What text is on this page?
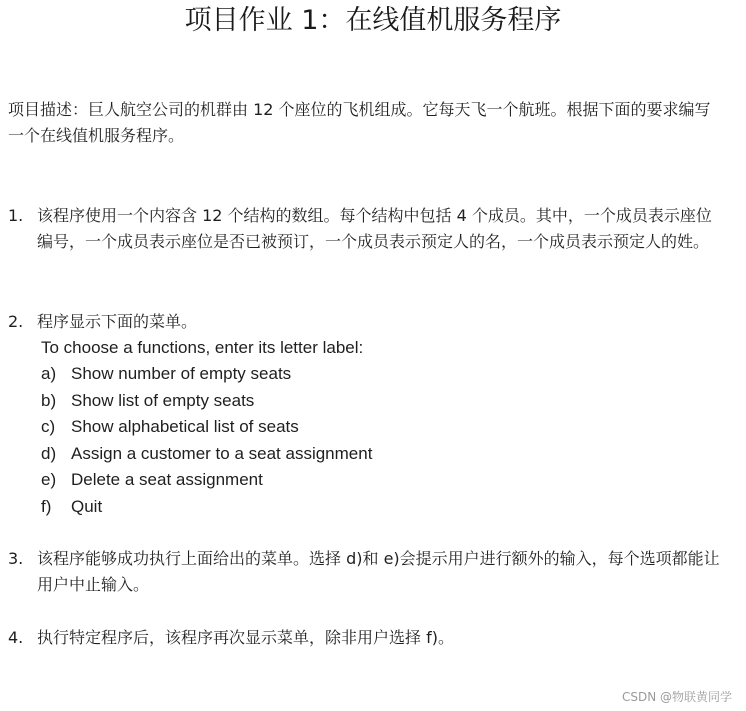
项目作业 1：在线值机服务程序
项目描述：巨人航空公司的机群由 12 个座位的飞机组成。它每天飞一个航班。根据下面的要求编写一个在线值机服务程序。
1. 该程序使用一个内容含 12 个结构的数组。每个结构中包括 4 个成员。其中，一个成员表示座位编号，一个成员表示座位是否已被预订，一个成员表示预定人的名，一个成员表示预定人的姓。
2. 程序显示下面的菜单。
To choose a functions, enter its letter label:
a) Show number of empty seats
b) Show list of empty seats
c) Show alphabetical list of seats
d) Assign a customer to a seat assignment
e) Delete a seat assignment
f) Quit
3. 该程序能够成功执行上面给出的菜单。选择 d)和 e)会提示用户进行额外的输入，每个选项都能让用户中止输入。
4. 执行特定程序后，该程序再次显示菜单，除非用户选择 f)。
CSDN @物联黄同学
